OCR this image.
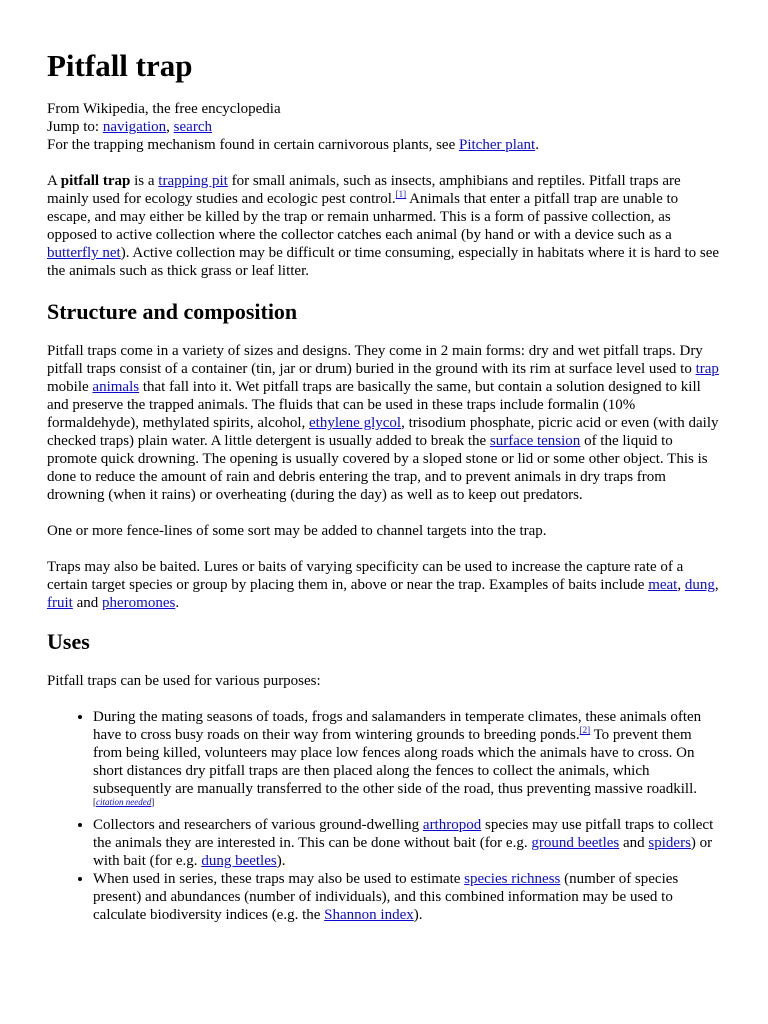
Pitfall trap
From Wikipedia, the free encyclopedia
Jump to: navigation, search
For the trapping mechanism found in certain carnivorous plants, see Pitcher plant.

A pitfall trap is a trapping pit for small animals, such as insects, amphibians and reptiles. Pitfall traps are mainly used for ecology studies and ecologic pest control.[1] Animals that enter a pitfall trap are unable to escape, and may either be killed by the trap or remain unharmed. This is a form of passive collection, as opposed to active collection where the collector catches each animal (by hand or with a device such as a butterfly net). Active collection may be difficult or time consuming, especially in habitats where it is hard to see the animals such as thick grass or leaf litter.

Structure and composition

Pitfall traps come in a variety of sizes and designs. They come in 2 main forms: dry and wet pitfall traps. Dry pitfall traps consist of a container (tin, jar or drum) buried in the ground with its rim at surface level used to trap mobile animals that fall into it. Wet pitfall traps are basically the same, but contain a solution designed to kill and preserve the trapped animals. The fluids that can be used in these traps include formalin (10% formaldehyde), methylated spirits, alcohol, ethylene glycol, trisodium phosphate, picric acid or even (with daily checked traps) plain water. A little detergent is usually added to break the surface tension of the liquid to promote quick drowning. The opening is usually covered by a sloped stone or lid or some other object. This is done to reduce the amount of rain and debris entering the trap, and to prevent animals in dry traps from drowning (when it rains) or overheating (during the day) as well as to keep out predators.

One or more fence-lines of some sort may be added to channel targets into the trap.

Traps may also be baited. Lures or baits of varying specificity can be used to increase the capture rate of a certain target species or group by placing them in, above or near the trap. Examples of baits include meat, dung, fruit and pheromones.

Uses

Pitfall traps can be used for various purposes:

• During the mating seasons of toads, frogs and salamanders in temperate climates, these animals often have to cross busy roads on their way from wintering grounds to breeding ponds.[2] To prevent them from being killed, volunteers may place low fences along roads which the animals have to cross. On short distances dry pitfall traps are then placed along the fences to collect the animals, which subsequently are manually transferred to the other side of the road, thus preventing massive roadkill.[citation needed]
• Collectors and researchers of various ground-dwelling arthropod species may use pitfall traps to collect the animals they are interested in. This can be done without bait (for e.g. ground beetles and spiders) or with bait (for e.g. dung beetles).
• When used in series, these traps may also be used to estimate species richness (number of species present) and abundances (number of individuals), and this combined information may be used to calculate biodiversity indices (e.g. the Shannon index).
